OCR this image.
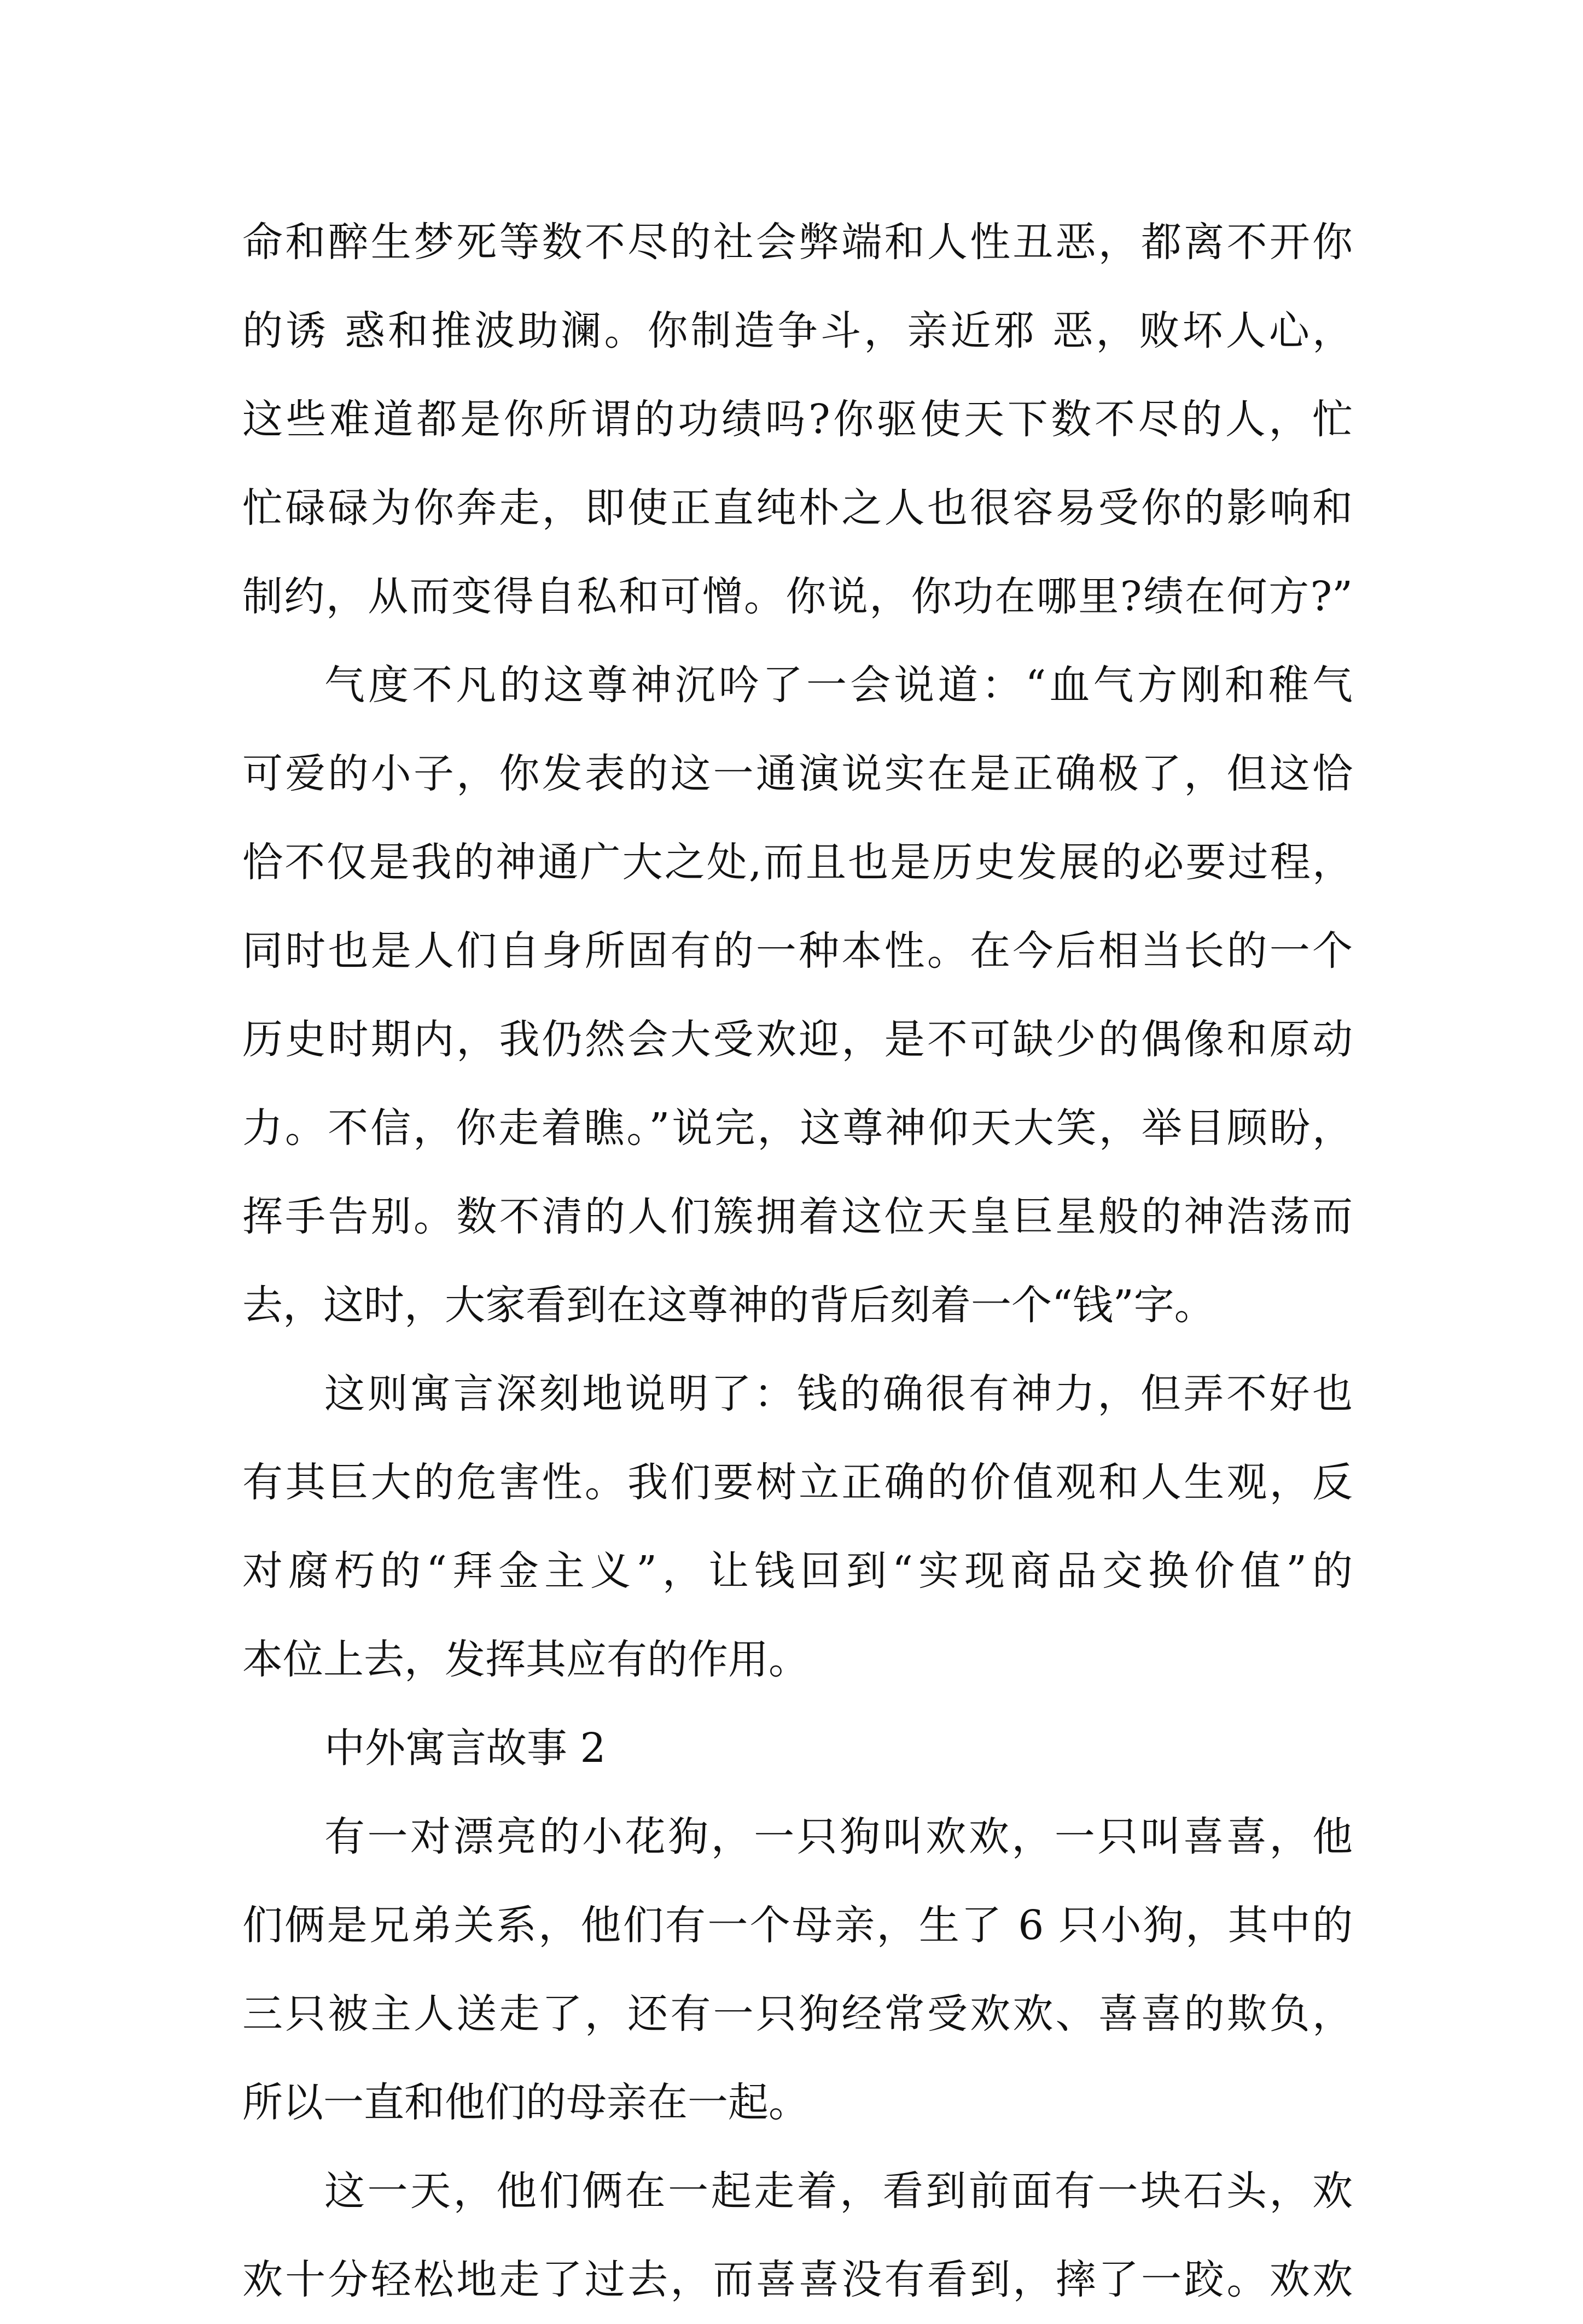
命和醉生梦死等数不尽的社会弊端和人性丑恶，都离不开你
的诱 惑和推波助澜。你制造争斗，亲近邪 恶，败坏人心，
这些难道都是你所谓的功绩吗?你驱使天下数不尽的人，忙
忙碌碌为你奔走，即使正直纯朴之人也很容易受你的影响和
制约，从而变得自私和可憎。你说，你功在哪里?绩在何方?”
气度不凡的这尊神沉吟了一会说道：“血气方刚和稚气
可爱的小子，你发表的这一通演说实在是正确极了，但这恰
恰不仅是我的神通广大之处,而且也是历史发展的必要过程，
同时也是人们自身所固有的一种本性。在今后相当长的一个
历史时期内，我仍然会大受欢迎，是不可缺少的偶像和原动
力。不信，你走着瞧。”说完，这尊神仰天大笑，举目顾盼，
挥手告别。数不清的人们簇拥着这位天皇巨星般的神浩荡而
去，这时，大家看到在这尊神的背后刻着一个“钱”字。
这则寓言深刻地说明了：钱的确很有神力，但弄不好也
有其巨大的危害性。我们要树立正确的价值观和人生观，反
对腐朽的“拜金主义”，让钱回到“实现商品交换价值”的
本位上去，发挥其应有的作用。
中外寓言故事 2
有一对漂亮的小花狗，一只狗叫欢欢，一只叫喜喜，他
们俩是兄弟关系，他们有一个母亲，生了 6 只小狗，其中的
三只被主人送走了，还有一只狗经常受欢欢、喜喜的欺负，
所以一直和他们的母亲在一起。
这一天，他们俩在一起走着，看到前面有一块石头，欢
欢十分轻松地走了过去，而喜喜没有看到，摔了一跤。欢欢
